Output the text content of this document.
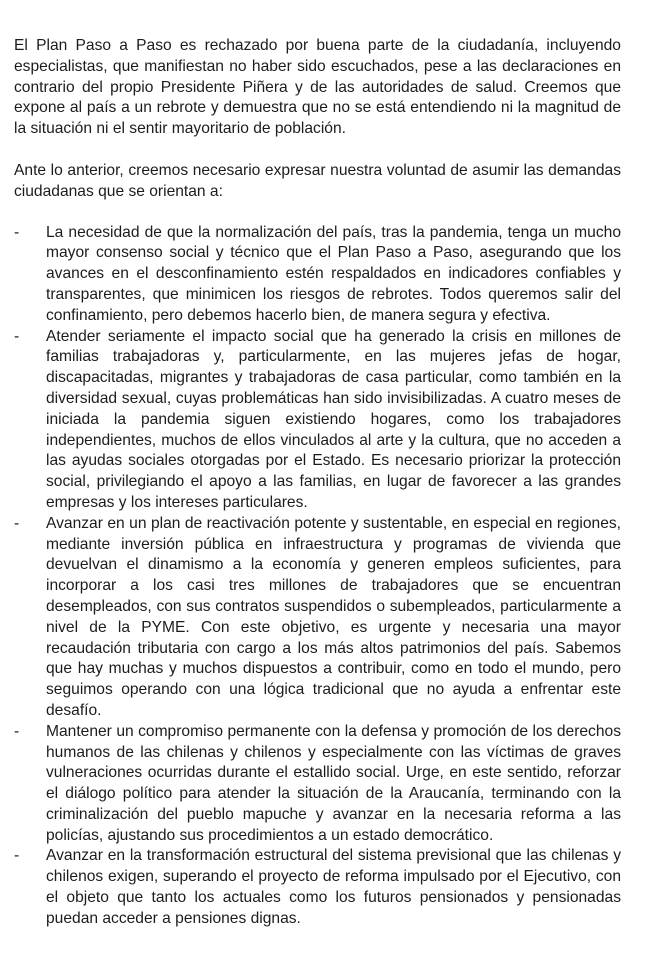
El Plan Paso a Paso es rechazado por buena parte de la ciudadanía, incluyendo especialistas, que manifiestan no haber sido escuchados, pese a las declaraciones en contrario del propio Presidente Piñera y de las autoridades de salud. Creemos que expone al país a un rebrote y demuestra que no se está entendiendo ni la magnitud de la situación ni el sentir mayoritario de población.

Ante lo anterior, creemos necesario expresar nuestra voluntad de asumir las demandas ciudadanas que se orientan a:

- La necesidad de que la normalización del país, tras la pandemia, tenga un mucho mayor consenso social y técnico que el Plan Paso a Paso, asegurando que los avances en el desconfinamiento estén respaldados en indicadores confiables y transparentes, que minimicen los riesgos de rebrotes. Todos queremos salir del confinamiento, pero debemos hacerlo bien, de manera segura y efectiva.
- Atender seriamente el impacto social que ha generado la crisis en millones de familias trabajadoras y, particularmente, en las mujeres jefas de hogar, discapacitadas, migrantes y trabajadoras de casa particular, como también en la diversidad sexual, cuyas problemáticas han sido invisibilizadas. A cuatro meses de iniciada la pandemia siguen existiendo hogares, como los trabajadores independientes, muchos de ellos vinculados al arte y la cultura, que no acceden a las ayudas sociales otorgadas por el Estado. Es necesario priorizar la protección social, privilegiando el apoyo a las familias, en lugar de favorecer a las grandes empresas y los intereses particulares.
- Avanzar en un plan de reactivación potente y sustentable, en especial en regiones, mediante inversión pública en infraestructura y programas de vivienda que devuelvan el dinamismo a la economía y generen empleos suficientes, para incorporar a los casi tres millones de trabajadores que se encuentran desempleados, con sus contratos suspendidos o subempleados, particularmente a nivel de la PYME. Con este objetivo, es urgente y necesaria una mayor recaudación tributaria con cargo a los más altos patrimonios del país. Sabemos que hay muchas y muchos dispuestos a contribuir, como en todo el mundo, pero seguimos operando con una lógica tradicional que no ayuda a enfrentar este desafío.
- Mantener un compromiso permanente con la defensa y promoción de los derechos humanos de las chilenas y chilenos y especialmente con las víctimas de graves vulneraciones ocurridas durante el estallido social. Urge, en este sentido, reforzar el diálogo político para atender la situación de la Araucanía, terminando con la criminalización del pueblo mapuche y avanzar en la necesaria reforma a las policías, ajustando sus procedimientos a un estado democrático.
- Avanzar en la transformación estructural del sistema previsional que las chilenas y chilenos exigen, superando el proyecto de reforma impulsado por el Ejecutivo, con el objeto que tanto los actuales como los futuros pensionados y pensionadas puedan acceder a pensiones dignas.
